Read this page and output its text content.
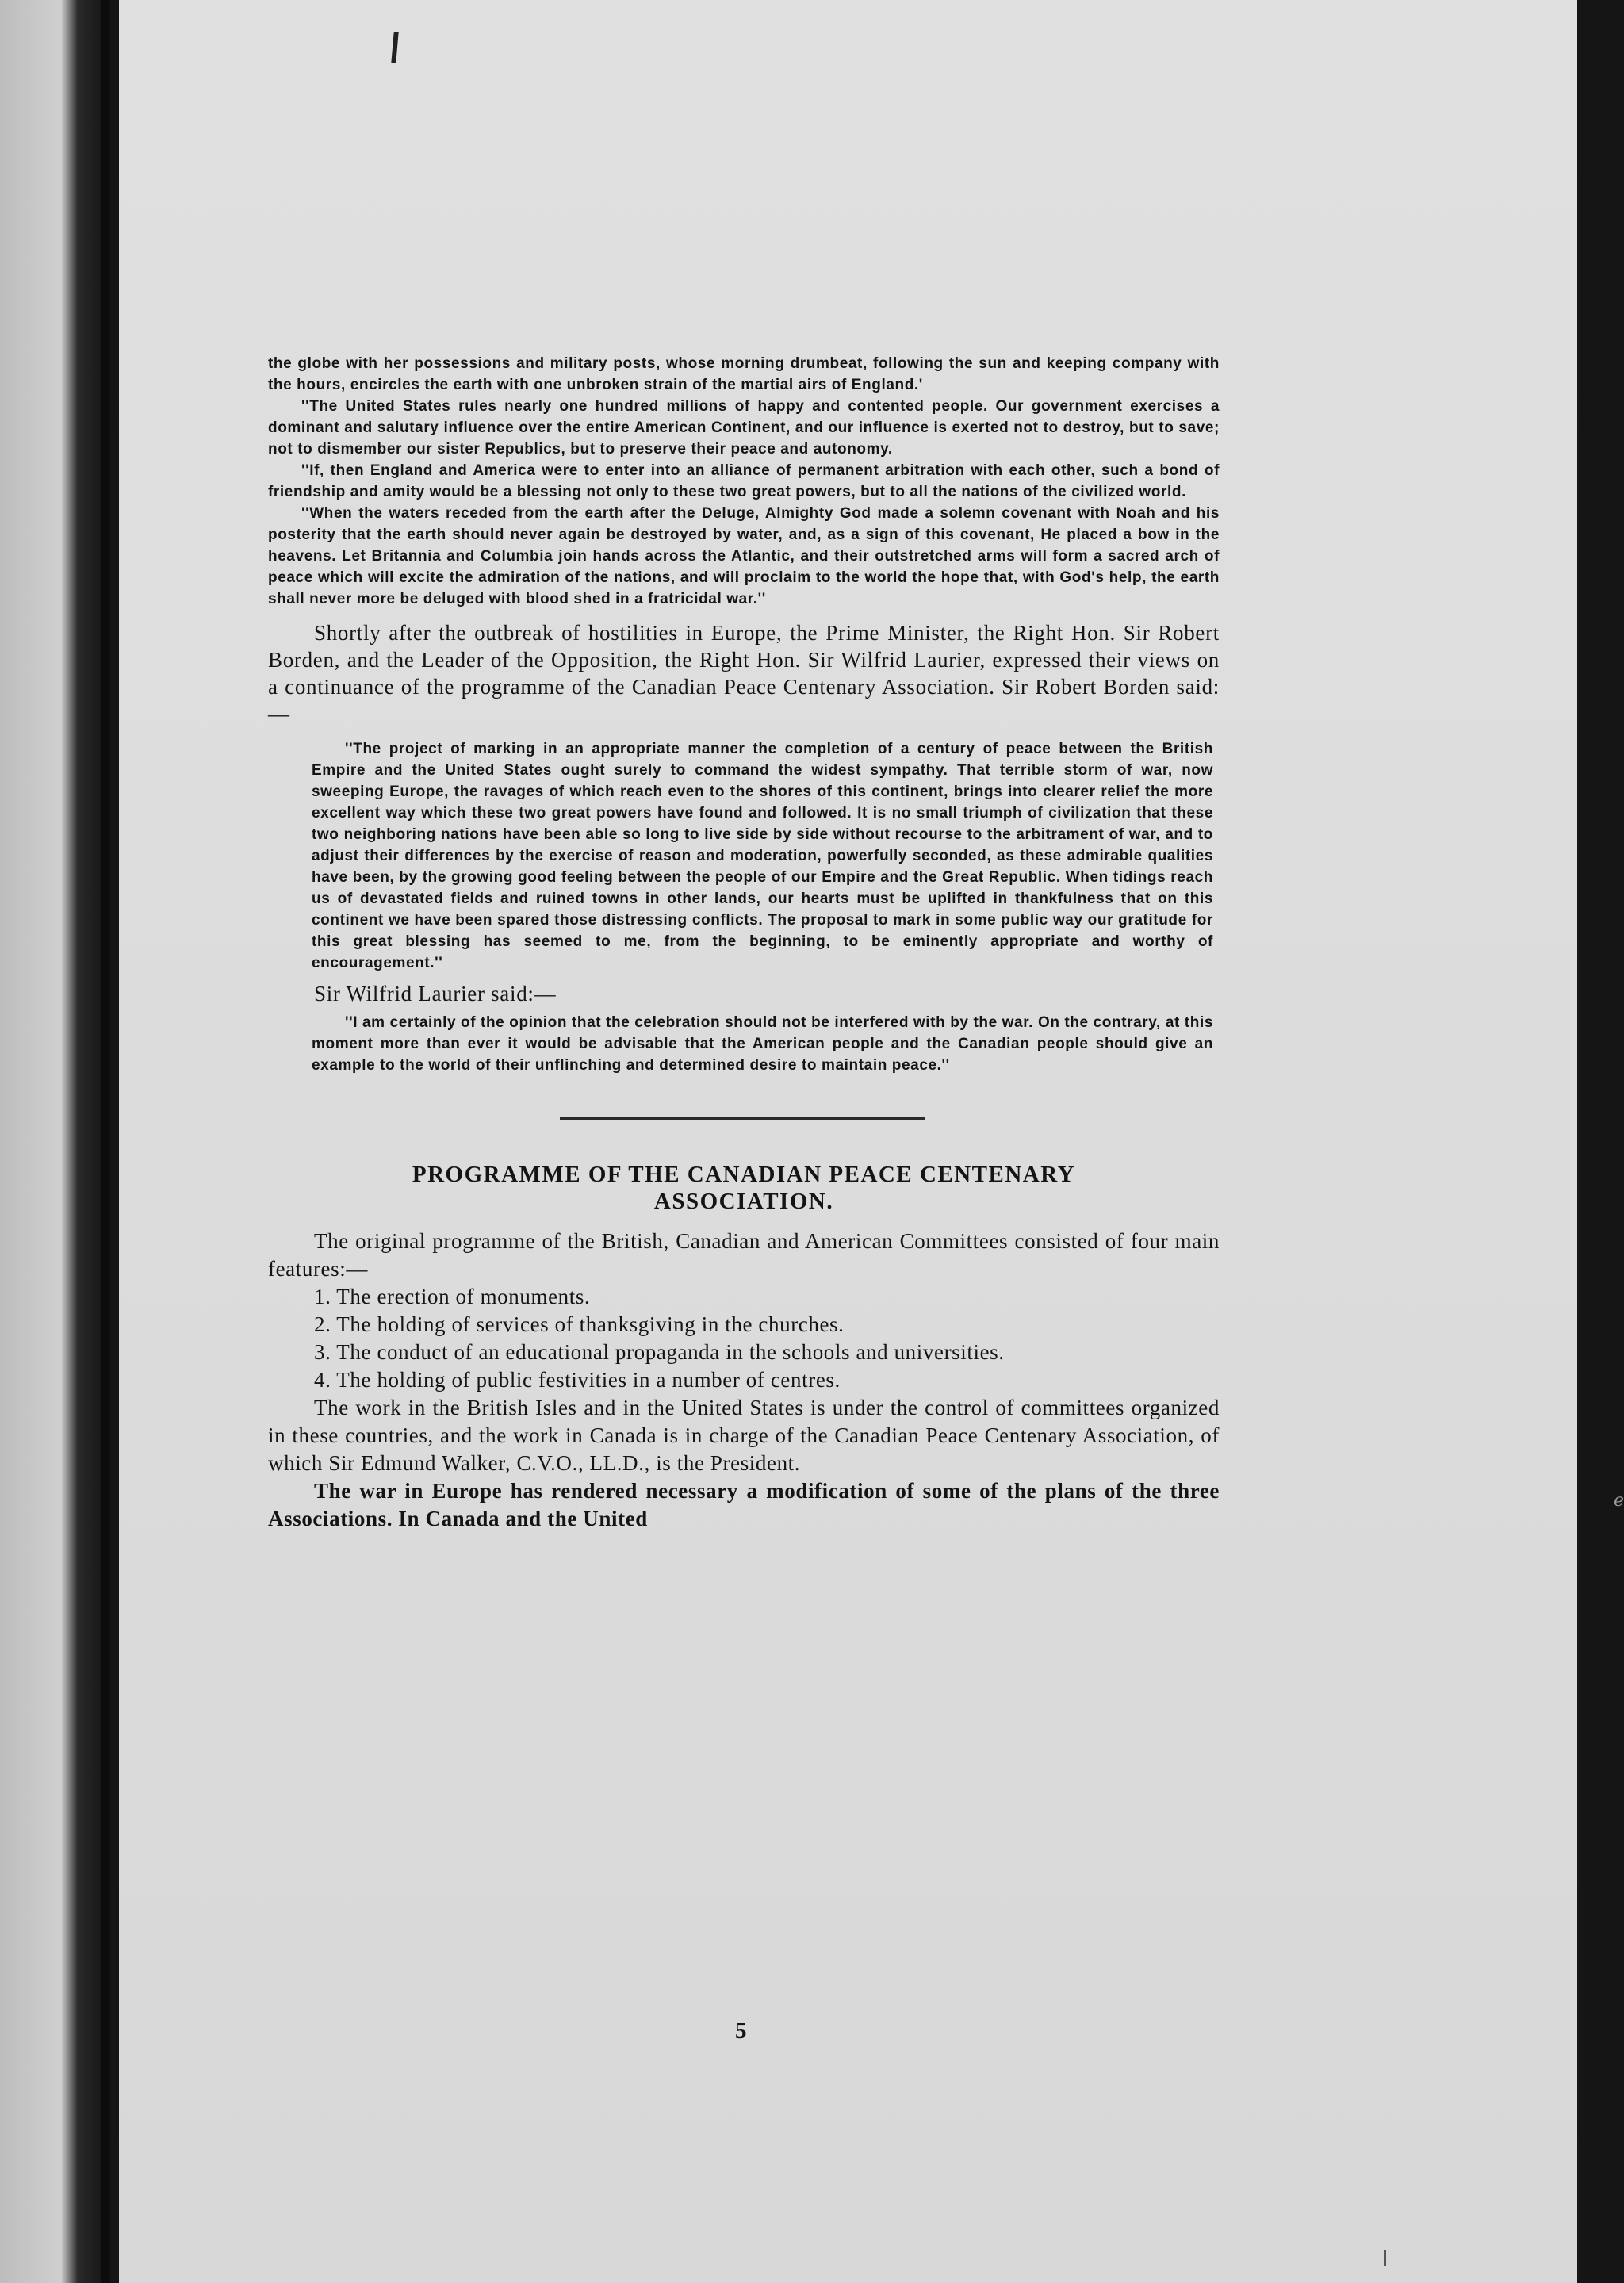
ℯ

the globe with her possessions and military posts, whose morning drumbeat, following the sun and keeping company with the hours, encircles the earth with one unbroken strain of the martial airs of England.'

''The United States rules nearly one hundred millions of happy and contented people. Our government exercises a dominant and salutary influence over the entire American Continent, and our influence is exerted not to destroy, but to save; not to dismember our sister Republics, but to preserve their peace and autonomy.

''If, then England and America were to enter into an alliance of permanent arbitration with each other, such a bond of friendship and amity would be a blessing not only to these two great powers, but to all the nations of the civilized world.

''When the waters receded from the earth after the Deluge, Almighty God made a solemn covenant with Noah and his posterity that the earth should never again be destroyed by water, and, as a sign of this covenant, He placed a bow in the heavens. Let Britannia and Columbia join hands across the Atlantic, and their outstretched arms will form a sacred arch of peace which will excite the admiration of the nations, and will proclaim to the world the hope that, with God's help, the earth shall never more be deluged with blood shed in a fratricidal war.''

Shortly after the outbreak of hostilities in Europe, the Prime Minister, the Right Hon. Sir Robert Borden, and the Leader of the Opposition, the Right Hon. Sir Wilfrid Laurier, expressed their views on a continuance of the programme of the Canadian Peace Centenary Association. Sir Robert Borden said:—

''The project of marking in an appropriate manner the completion of a century of peace between the British Empire and the United States ought surely to command the widest sympathy. That terrible storm of war, now sweeping Europe, the ravages of which reach even to the shores of this continent, brings into clearer relief the more excellent way which these two great powers have found and followed. It is no small triumph of civilization that these two neighboring nations have been able so long to live side by side without recourse to the arbitrament of war, and to adjust their differences by the exercise of reason and moderation, powerfully seconded, as these admirable qualities have been, by the growing good feeling between the people of our Empire and the Great Republic. When tidings reach us of devastated fields and ruined towns in other lands, our hearts must be uplifted in thankfulness that on this continent we have been spared those distressing conflicts. The proposal to mark in some public way our gratitude for this great blessing has seemed to me, from the beginning, to be eminently appropriate and worthy of encouragement.''

Sir Wilfrid Laurier said:—

''I am certainly of the opinion that the celebration should not be interfered with by the war. On the contrary, at this moment more than ever it would be advisable that the American people and the Canadian people should give an example to the world of their unflinching and determined desire to maintain peace.''

PROGRAMME OF THE CANADIAN PEACE CENTENARY
ASSOCIATION.

The original programme of the British, Canadian and American Committees consisted of four main features:—

1. The erection of monuments.

2. The holding of services of thanksgiving in the churches.

3. The conduct of an educational propaganda in the schools and universities.

4. The holding of public festivities in a number of centres.

The work in the British Isles and in the United States is under the control of committees organized in these countries, and the work in Canada is in charge of the Canadian Peace Centenary Association, of which Sir Edmund Walker, C.V.O., LL.D., is the President.

The war in Europe has rendered necessary a modification of some of the plans of the three Associations. In Canada and the United

5
